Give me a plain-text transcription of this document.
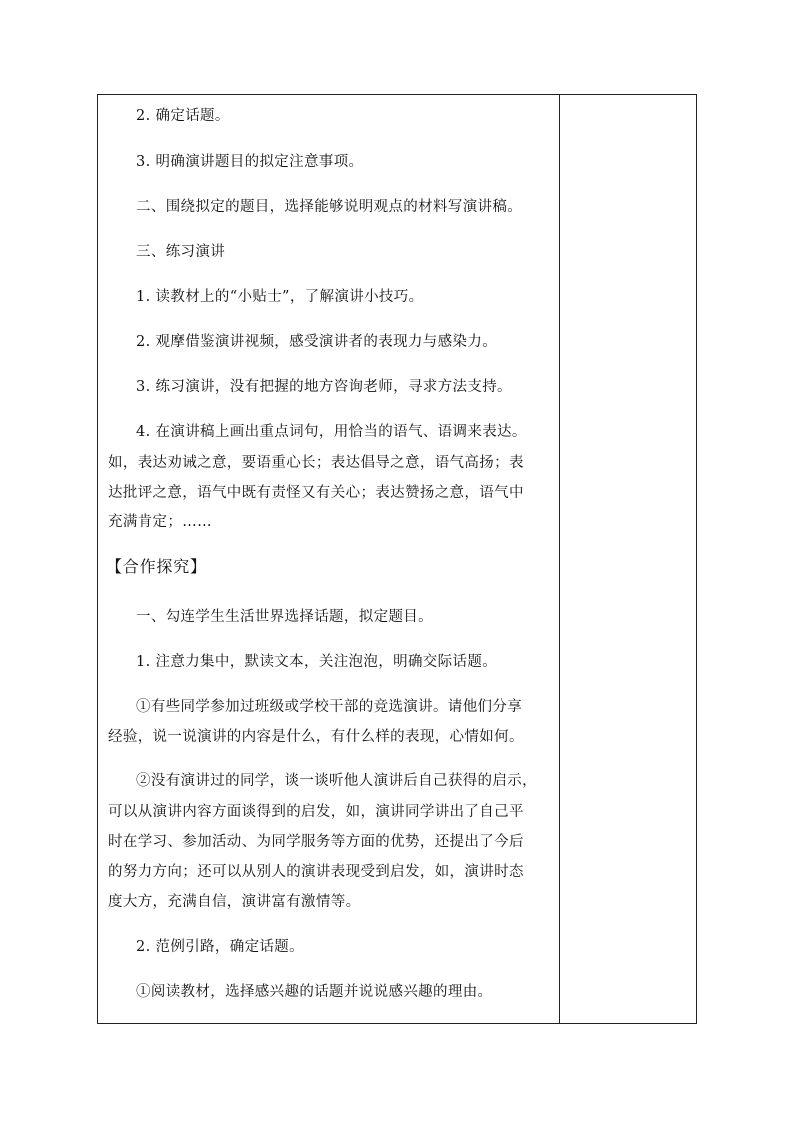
2. 确定话题。
3. 明确演讲题目的拟定注意事项。
二、围绕拟定的题目，选择能够说明观点的材料写演讲稿。
三、练习演讲
1. 读教材上的“小贴士”，了解演讲小技巧。
2. 观摩借鉴演讲视频，感受演讲者的表现力与感染力。
3. 练习演讲，没有把握的地方咨询老师，寻求方法支持。
4. 在演讲稿上画出重点词句，用恰当的语气、语调来表达。
如，表达劝诫之意，要语重心长；表达倡导之意，语气高扬；表
达批评之意，语气中既有责怪又有关心；表达赞扬之意，语气中
充满肯定；……
【合作探究】
一、勾连学生生活世界选择话题，拟定题目。
1. 注意力集中，默读文本，关注泡泡，明确交际话题。
①有些同学参加过班级或学校干部的竞选演讲。请他们分享
经验，说一说演讲的内容是什么，有什么样的表现，心情如何。
②没有演讲过的同学，谈一谈听他人演讲后自己获得的启示，
可以从演讲内容方面谈得到的启发，如，演讲同学讲出了自己平
时在学习、参加活动、为同学服务等方面的优势，还提出了今后
的努力方向；还可以从别人的演讲表现受到启发，如，演讲时态
度大方，充满自信，演讲富有激情等。
2. 范例引路，确定话题。
①阅读教材，选择感兴趣的话题并说说感兴趣的理由。
